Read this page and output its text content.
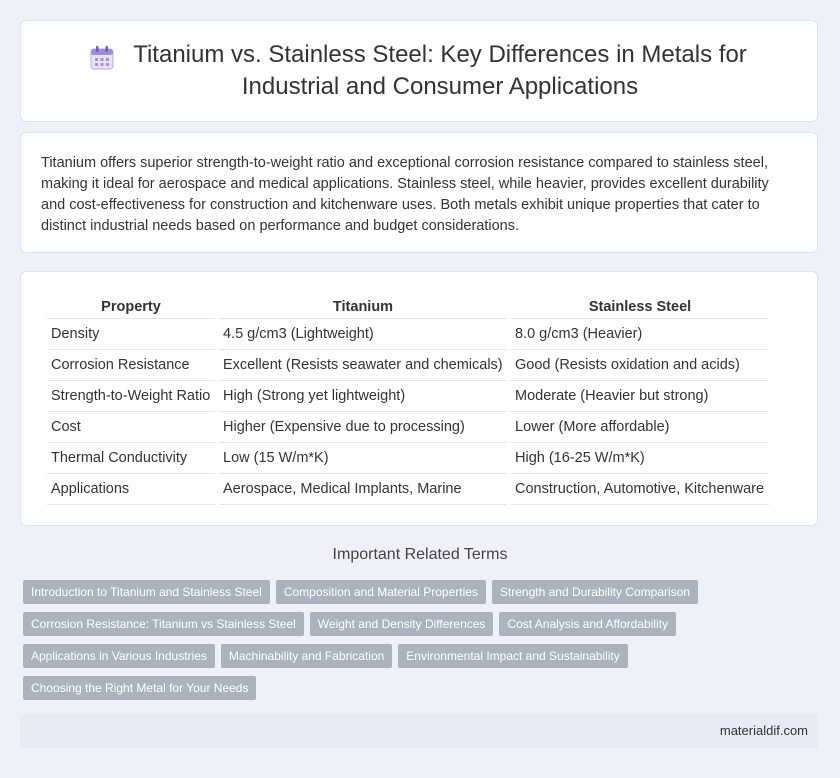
Titanium vs. Stainless Steel: Key Differences in Metals for Industrial and Consumer Applications

Titanium offers superior strength-to-weight ratio and exceptional corrosion resistance compared to stainless steel, making it ideal for aerospace and medical applications. Stainless steel, while heavier, provides excellent durability and cost-effectiveness for construction and kitchenware uses. Both metals exhibit unique properties that cater to distinct industrial needs based on performance and budget considerations.

Property	Titanium	Stainless Steel
Density	4.5 g/cm3 (Lightweight)	8.0 g/cm3 (Heavier)
Corrosion Resistance	Excellent (Resists seawater and chemicals)	Good (Resists oxidation and acids)
Strength-to-Weight Ratio	High (Strong yet lightweight)	Moderate (Heavier but strong)
Cost	Higher (Expensive due to processing)	Lower (More affordable)
Thermal Conductivity	Low (15 W/m*K)	High (16-25 W/m*K)
Applications	Aerospace, Medical Implants, Marine	Construction, Automotive, Kitchenware
Important Related Terms
Introduction to Titanium and Stainless Steel Composition and Material Properties Strength and Durability Comparison
Corrosion Resistance: Titanium vs Stainless Steel Weight and Density Differences Cost Analysis and Affordability
Applications in Various Industries Machinability and Fabrication Environmental Impact and Sustainability
Choosing the Right Metal for Your Needs
materialdif.com
